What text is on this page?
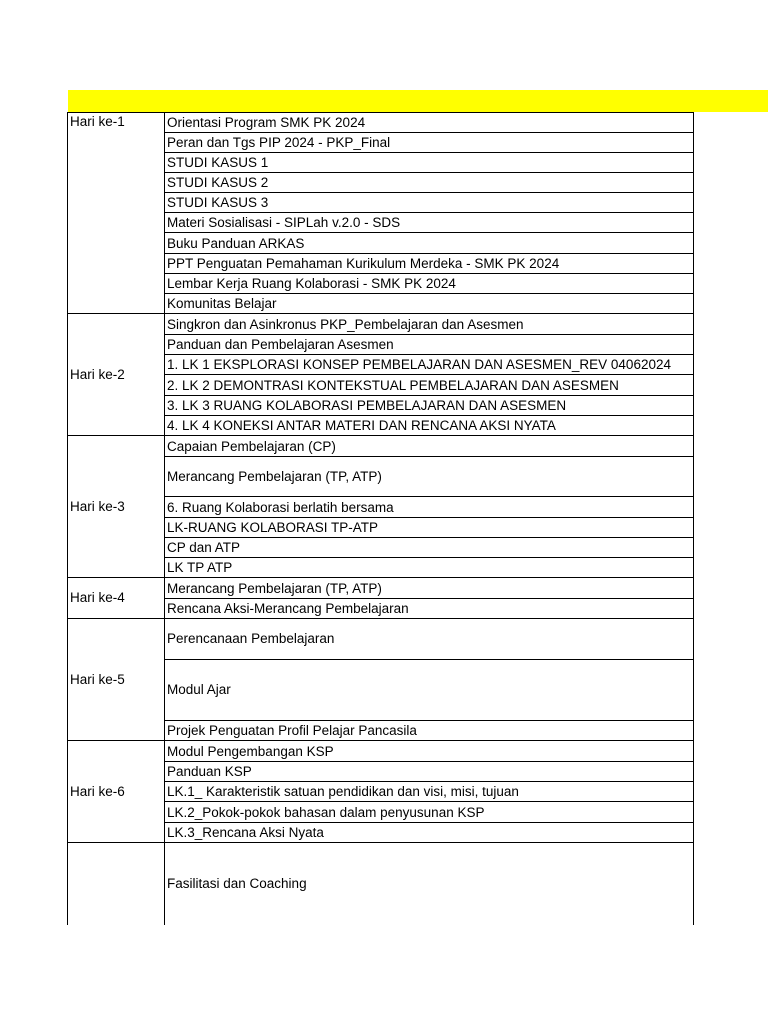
Hari ke-1	Orientasi Program SMK PK 2024
	Peran dan Tgs PIP 2024 - PKP_Final
	STUDI KASUS 1
	STUDI KASUS 2
	STUDI KASUS 3
	Materi Sosialisasi - SIPLah v.2.0 - SDS
	Buku Panduan ARKAS
	PPT Penguatan Pemahaman Kurikulum Merdeka - SMK PK 2024
	Lembar Kerja Ruang Kolaborasi - SMK PK 2024
	Komunitas Belajar
Hari ke-2	Singkron dan Asinkronus PKP_Pembelajaran dan Asesmen
	Panduan dan Pembelajaran Asesmen
	1. LK 1 EKSPLORASI KONSEP PEMBELAJARAN DAN ASESMEN_REV 04062024
	2. LK 2 DEMONTRASI KONTEKSTUAL PEMBELAJARAN DAN ASESMEN
	3. LK 3 RUANG KOLABORASI PEMBELAJARAN DAN ASESMEN
	4. LK 4 KONEKSI ANTAR MATERI DAN RENCANA AKSI NYATA
Hari ke-3	Capaian Pembelajaran (CP)
	Merancang Pembelajaran (TP, ATP)
	6. Ruang Kolaborasi berlatih bersama
	LK-RUANG KOLABORASI TP-ATP
	CP dan ATP
	LK TP ATP
Hari ke-4	Merancang Pembelajaran (TP, ATP)
	Rencana Aksi-Merancang Pembelajaran
Hari ke-5	Perencanaan Pembelajaran
	Modul Ajar
	Projek Penguatan Profil Pelajar Pancasila
Hari ke-6	Modul Pengembangan KSP
	Panduan KSP
	LK.1_ Karakteristik satuan pendidikan dan visi, misi, tujuan
	LK.2_Pokok-pokok bahasan dalam penyusunan KSP
	LK.3_Rencana Aksi Nyata
	Fasilitasi dan Coaching
